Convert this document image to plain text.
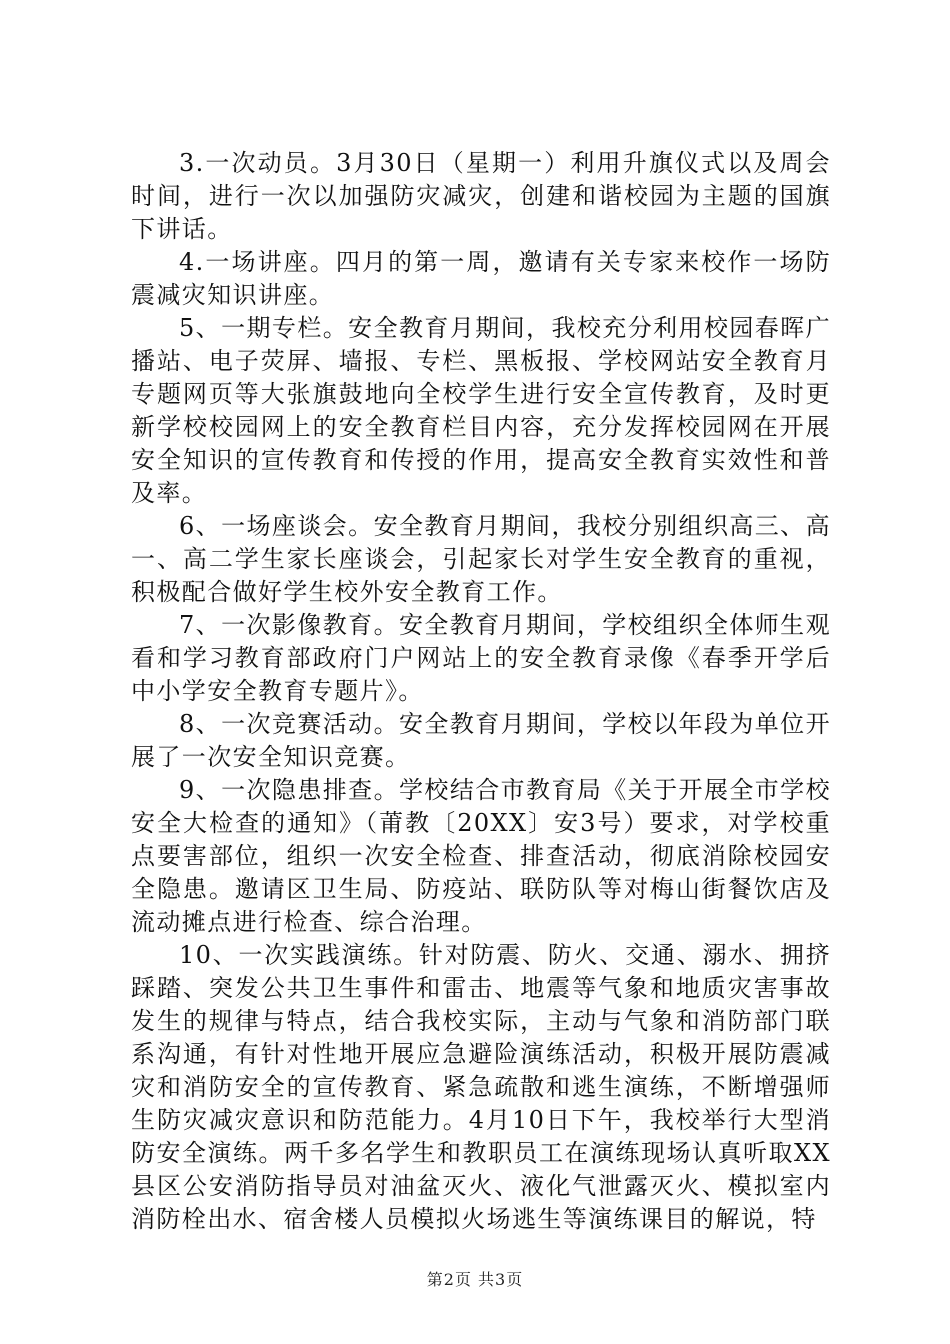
3.一次动员。3月30日（星期一）利用升旗仪式以及周会时间，进行一次以加强防灾减灾，创建和谐校园为主题的国旗下讲话。

4.一场讲座。四月的第一周，邀请有关专家来校作一场防震减灾知识讲座。

5、一期专栏。安全教育月期间，我校充分利用校园春晖广播站、电子荧屏、墙报、专栏、黑板报、学校网站安全教育月专题网页等大张旗鼓地向全校学生进行安全宣传教育，及时更新学校校园网上的安全教育栏目内容，充分发挥校园网在开展安全知识的宣传教育和传授的作用，提高安全教育实效性和普及率。

6、一场座谈会。安全教育月期间，我校分别组织高三、高一、高二学生家长座谈会，引起家长对学生安全教育的重视，积极配合做好学生校外安全教育工作。

7、一次影像教育。安全教育月期间，学校组织全体师生观看和学习教育部政府门户网站上的安全教育录像《春季开学后中小学安全教育专题片》。

8、一次竞赛活动。安全教育月期间，学校以年段为单位开展了一次安全知识竞赛。

9、一次隐患排查。学校结合市教育局《关于开展全市学校安全大检查的通知》（莆教〔20XX〕安3号）要求，对学校重点要害部位，组织一次安全检查、排查活动，彻底消除校园安全隐患。邀请区卫生局、防疫站、联防队等对梅山街餐饮店及流动摊点进行检查、综合治理。

10、一次实践演练。针对防震、防火、交通、溺水、拥挤踩踏、突发公共卫生事件和雷击、地震等气象和地质灾害事故发生的规律与特点，结合我校实际，主动与气象和消防部门联系沟通，有针对性地开展应急避险演练活动，积极开展防震减灾和消防安全的宣传教育、紧急疏散和逃生演练，不断增强师生防灾减灾意识和防范能力。4月10日下午，我校举行大型消防安全演练。两千多名学生和教职员工在演练现场认真听取XX县区公安消防指导员对油盆灭火、液化气泄露灭火、模拟室内消防栓出水、宿舍楼人员模拟火场逃生等演练课目的解说，特

第2页 共3页
